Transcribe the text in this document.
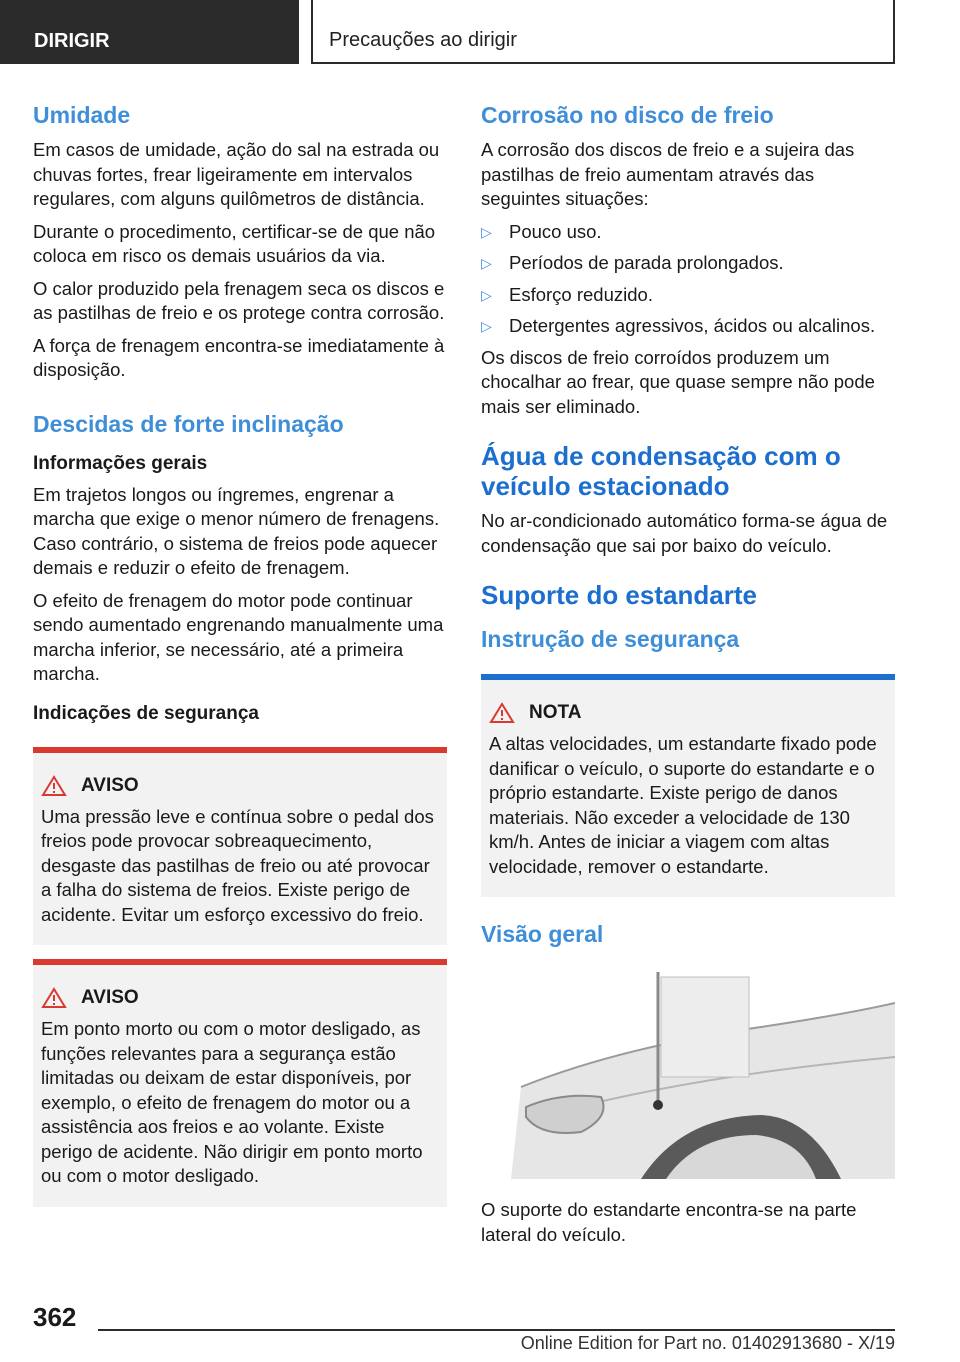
DIRIGIR	Precauções ao dirigir
Umidade

Em casos de umidade, ação do sal na estrada ou chuvas fortes, frear ligeiramente em intervalos regulares, com alguns quilômetros de distância.

Durante o procedimento, certificar-se de que não coloca em risco os demais usuários da via.

O calor produzido pela frenagem seca os discos e as pastilhas de freio e os protege contra corrosão.

A força de frenagem encontra-se imediatamente à disposição.

Descidas de forte inclinação
Informações gerais

Em trajetos longos ou íngremes, engrenar a marcha que exige o menor número de frenagens. Caso contrário, o sistema de freios pode aquecer demais e reduzir o efeito de frenagem.

O efeito de frenagem do motor pode continuar sendo aumentado engrenando manualmente uma marcha inferior, se necessário, até a primeira marcha.

Indicações de segurança
AVISO

Uma pressão leve e contínua sobre o pedal dos freios pode provocar sobreaquecimento, desgaste das pastilhas de freio ou até provocar a falha do sistema de freios. Existe perigo de acidente. Evitar um esforço excessivo do freio.

AVISO

Em ponto morto ou com o motor desligado, as funções relevantes para a segurança estão limitadas ou deixam de estar disponíveis, por exemplo, o efeito de frenagem do motor ou a assistência aos freios e ao volante. Existe perigo de acidente. Não dirigir em ponto morto ou com o motor desligado.

Corrosão no disco de freio

A corrosão dos discos de freio e a sujeira das pastilhas de freio aumentam através das seguintes situações:

▷ Pouco uso.
▷ Períodos de parada prolongados.
▷ Esforço reduzido.
▷ Detergentes agressivos, ácidos ou alcalinos.

Os discos de freio corroídos produzem um chocalhar ao frear, que quase sempre não pode mais ser eliminado.

Água de condensação com o veículo estacionado

No ar-condicionado automático forma-se água de condensação que sai por baixo do veículo.

Suporte do estandarte
Instrução de segurança
NOTA

A altas velocidades, um estandarte fixado pode danificar o veículo, o suporte do estandarte e o próprio estandarte. Existe perigo de danos materiais. Não exceder a velocidade de 130 km/h. Antes de iniciar a viagem com altas velocidade, remover o estandarte.

Visão geral

O suporte do estandarte encontra-se na parte lateral do veículo.

362
Online Edition for Part no. 01402913680 - X/19
